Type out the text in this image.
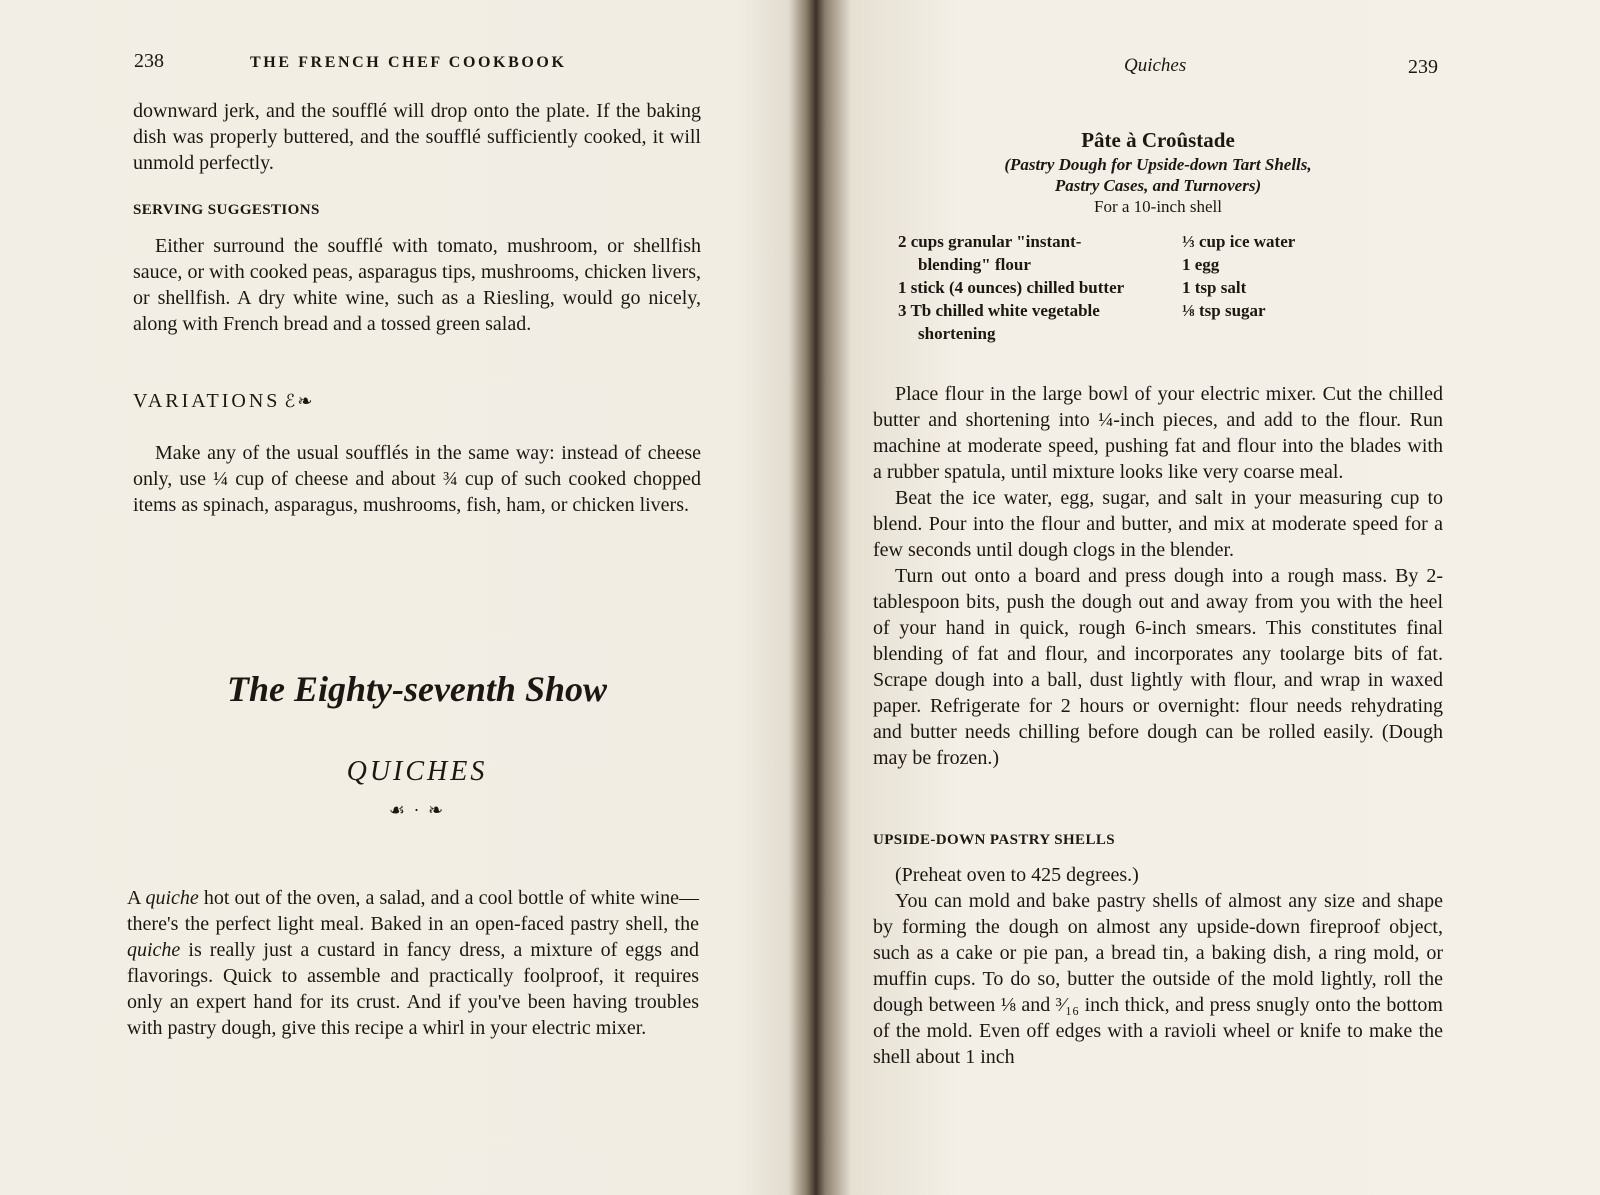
238	THE FRENCH CHEF COOKBOOK

downward jerk, and the soufflé will drop onto the plate. If the baking dish was properly buttered, and the soufflé sufficiently cooked, it will unmold perfectly.

SERVING SUGGESTIONS

Either surround the soufflé with tomato, mushroom, or shellfish sauce, or with cooked peas, asparagus tips, mushrooms, chicken livers, or shellfish. A dry white wine, such as a Riesling, would go nicely, along with French bread and a tossed green salad.

VARIATIONS ℰ❧

Make any of the usual soufflés in the same way: instead of cheese only, use ¼ cup of cheese and about ¾ cup of such cooked chopped items as spinach, asparagus, mushrooms, fish, ham, or chicken livers.

The Eighty-seventh Show
QUICHES
☙ · ❧

A quiche hot out of the oven, a salad, and a cool bottle of white wine—there's the perfect light meal. Baked in an open-faced pastry shell, the quiche is really just a custard in fancy dress, a mixture of eggs and flavorings. Quick to assemble and practically foolproof, it requires only an expert hand for its crust. And if you've been having troubles with pastry dough, give this recipe a whirl in your electric mixer.

Quiches	239
Pâte à Croûstade
(Pastry Dough for Upside-down Tart Shells,
Pastry Cases, and Turnovers)
For a 10-inch shell
2 cups granular "instant-blending" flour
1 stick (4 ounces) chilled butter
3 Tb chilled white vegetable shortening
⅓ cup ice water
1 egg
1 tsp salt
⅛ tsp sugar

Place flour in the large bowl of your electric mixer. Cut the chilled butter and shortening into ¼-inch pieces, and add to the flour. Run machine at moderate speed, pushing fat and flour into the blades with a rubber spatula, until mixture looks like very coarse meal.

Beat the ice water, egg, sugar, and salt in your measuring cup to blend. Pour into the flour and butter, and mix at moderate speed for a few seconds until dough clogs in the blender.

Turn out onto a board and press dough into a rough mass. By 2-tablespoon bits, push the dough out and away from you with the heel of your hand in quick, rough 6-inch smears. This constitutes final blending of fat and flour, and incorporates any toolarge bits of fat. Scrape dough into a ball, dust lightly with flour, and wrap in waxed paper. Refrigerate for 2 hours or overnight: flour needs rehydrating and butter needs chilling before dough can be rolled easily. (Dough may be frozen.)

UPSIDE-DOWN PASTRY SHELLS

(Preheat oven to 425 degrees.)

You can mold and bake pastry shells of almost any size and shape by forming the dough on almost any upside-down fireproof object, such as a cake or pie pan, a bread tin, a baking dish, a ring mold, or muffin cups. To do so, butter the outside of the mold lightly, roll the dough between ⅛ and ³⁄₁₆ inch thick, and press snugly onto the bottom of the mold. Even off edges with a ravioli wheel or knife to make the shell about 1 inch
